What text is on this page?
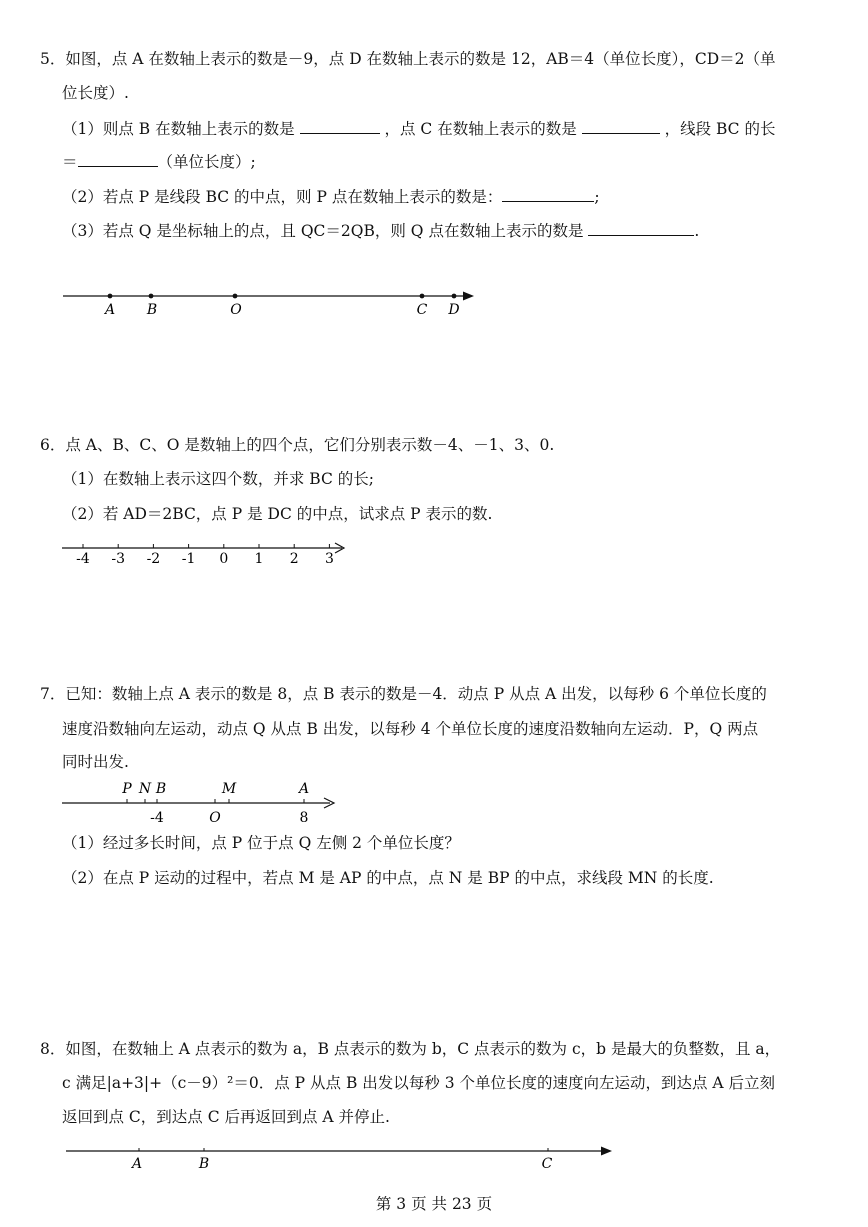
5．如图，点 A 在数轴上表示的数是－9，点 D 在数轴上表示的数是 12，AB＝4（单位长度），CD＝2（单
位长度）.
（1）则点 B 在数轴上表示的数是	，点 C 在数轴上表示的数是	，线段 BC 的长
＝	（单位长度）;
（2）若点 P 是线段 BC 的中点，则 P 点在数轴上表示的数是：	;
（3）若点 Q 是坐标轴上的点，且 QC＝2QB，则 Q 点在数轴上表示的数是	.
A B	O	C D
-4 -3 -2 -1 0 1 2 3
P N B	M	A
-4	O	8
A	B	C
6．点 A、B、C、O 是数轴上的四个点，它们分别表示数－4、－1、3、0.
（1）在数轴上表示这四个数，并求 BC 的长;
（2）若 AD＝2BC，点 P 是 DC 的中点，试求点 P 表示的数.
7．已知：数轴上点 A 表示的数是 8，点 B 表示的数是－4．动点 P 从点 A 出发，以每秒 6 个单位长度的
速度沿数轴向左运动，动点 Q 从点 B 出发，以每秒 4 个单位长度的速度沿数轴向左运动．P，Q 两点
同时出发.
（1）经过多长时间，点 P 位于点 Q 左侧 2 个单位长度？
（2）在点 P 运动的过程中，若点 M 是 AP 的中点，点 N 是 BP 的中点，求线段 MN 的长度.
8．如图，在数轴上 A 点表示的数为 a，B 点表示的数为 b，C 点表示的数为 c，b 是最大的负整数，且 a，
c 满足|a+3|+（c－9）²＝0．点 P 从点 B 出发以每秒 3 个单位长度的速度向左运动，到达点 A 后立刻
返回到点 C，到达点 C 后再返回到点 A 并停止.
第 3 页 共 23 页
